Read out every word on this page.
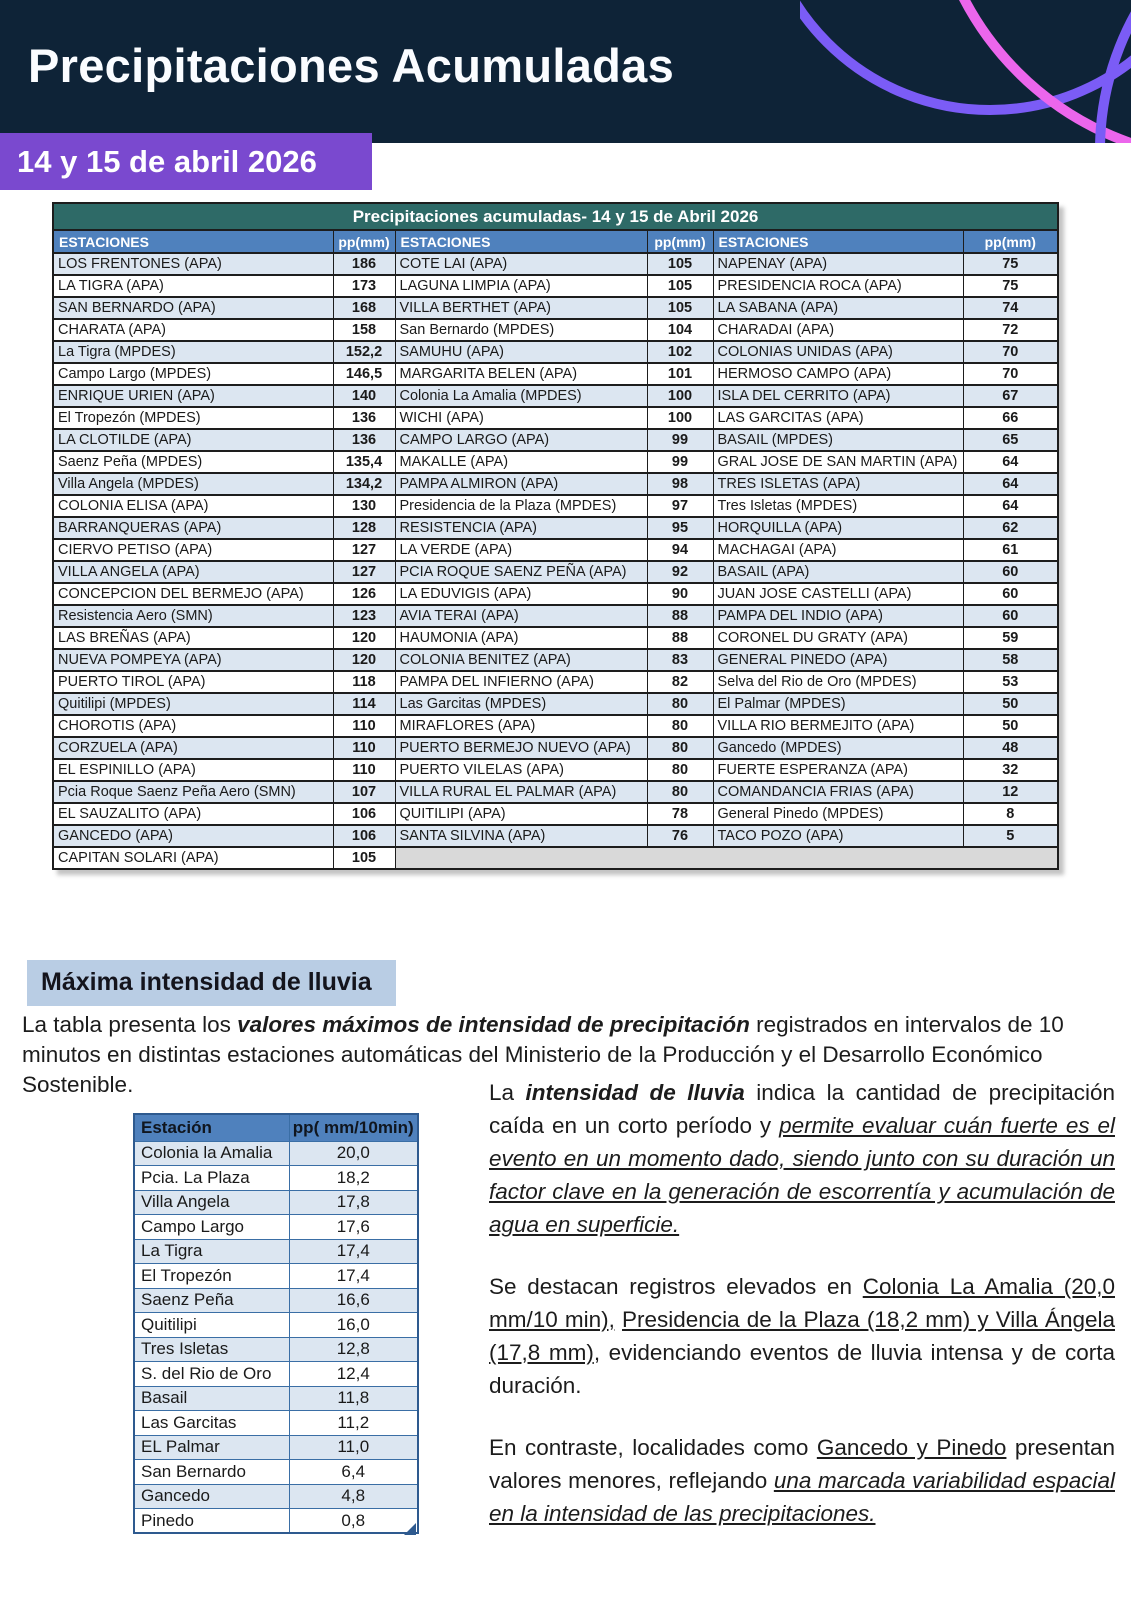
Precipitaciones Acumuladas
14 y 15 de abril 2026
Precipitaciones acumuladas- 14 y 15 de Abril 2026					
ESTACIONES	pp(mm)	ESTACIONES	pp(mm)	ESTACIONES	pp(mm)
LOS FRENTONES (APA)	186	COTE LAI (APA)	105	NAPENAY (APA)	75
LA TIGRA (APA)	173	LAGUNA LIMPIA (APA)	105	PRESIDENCIA ROCA (APA)	75
SAN BERNARDO (APA)	168	VILLA BERTHET (APA)	105	LA SABANA (APA)	74
CHARATA (APA)	158	San Bernardo (MPDES)	104	CHARADAI (APA)	72
La Tigra (MPDES)	152,2	SAMUHU (APA)	102	COLONIAS UNIDAS (APA)	70
Campo Largo (MPDES)	146,5	MARGARITA BELEN (APA)	101	HERMOSO CAMPO (APA)	70
ENRIQUE URIEN (APA)	140	Colonia La Amalia (MPDES)	100	ISLA DEL CERRITO (APA)	67
El Tropezón (MPDES)	136	WICHI (APA)	100	LAS GARCITAS (APA)	66
LA CLOTILDE (APA)	136	CAMPO LARGO (APA)	99	BASAIL (MPDES)	65
Saenz Peña (MPDES)	135,4	MAKALLE (APA)	99	GRAL JOSE DE SAN MARTIN (APA)	64
Villa Angela (MPDES)	134,2	PAMPA ALMIRON (APA)	98	TRES ISLETAS (APA)	64
COLONIA ELISA (APA)	130	Presidencia de la Plaza (MPDES)	97	Tres Isletas (MPDES)	64
BARRANQUERAS (APA)	128	RESISTENCIA (APA)	95	HORQUILLA (APA)	62
CIERVO PETISO (APA)	127	LA VERDE (APA)	94	MACHAGAI (APA)	61
VILLA ANGELA (APA)	127	PCIA ROQUE SAENZ PEÑA (APA)	92	BASAIL (APA)	60
CONCEPCION DEL BERMEJO (APA)	126	LA EDUVIGIS (APA)	90	JUAN JOSE CASTELLI (APA)	60
Resistencia Aero (SMN)	123	AVIA TERAI (APA)	88	PAMPA DEL INDIO (APA)	60
LAS BREÑAS (APA)	120	HAUMONIA (APA)	88	CORONEL DU GRATY (APA)	59
NUEVA POMPEYA (APA)	120	COLONIA BENITEZ (APA)	83	GENERAL PINEDO (APA)	58
PUERTO TIROL (APA)	118	PAMPA DEL INFIERNO (APA)	82	Selva del Rio de Oro (MPDES)	53
Quitilipi (MPDES)	114	Las Garcitas (MPDES)	80	El Palmar (MPDES)	50
CHOROTIS (APA)	110	MIRAFLORES (APA)	80	VILLA RIO BERMEJITO (APA)	50
CORZUELA (APA)	110	PUERTO BERMEJO NUEVO (APA)	80	Gancedo (MPDES)	48
EL ESPINILLO (APA)	110	PUERTO VILELAS (APA)	80	FUERTE ESPERANZA (APA)	32
Pcia Roque Saenz Peña Aero (SMN)	107	VILLA RURAL EL PALMAR (APA)	80	COMANDANCIA FRIAS (APA)	12
EL SAUZALITO (APA)	106	QUITILIPI (APA)	78	General Pinedo (MPDES)	8
GANCEDO (APA)	106	SANTA SILVINA (APA)	76	TACO POZO (APA)	5
CAPITAN SOLARI (APA)	105				
Máxima intensidad de lluvia

La tabla presenta los valores máximos de intensidad de precipitación registrados en intervalos de 10 minutos en distintas estaciones automáticas del Ministerio de la Producción y el Desarrollo Económico Sostenible.

Estación	pp( mm/10min)
Colonia la Amalia	20,0
Pcia. La Plaza	18,2
Villa Angela	17,8
Campo Largo	17,6
La Tigra	17,4
El Tropezón	17,4
Saenz Peña	16,6
Quitilipi	16,0
Tres Isletas	12,8
S. del Rio de Oro	12,4
Basail	11,8
Las Garcitas	11,2
EL Palmar	11,0
San Bernardo	6,4
Gancedo	4,8
Pinedo	0,8

La intensidad de lluvia indica la cantidad de precipitación caída en un corto período y permite evaluar cuán fuerte es el evento en un momento dado, siendo junto con su duración un factor clave en la generación de escorrentía y acumulación de agua en superficie.

Se destacan registros elevados en Colonia La Amalia (20,0 mm/10 min), Presidencia de la Plaza (18,2 mm) y Villa Ángela (17,8 mm), evidenciando eventos de lluvia intensa y de corta duración.

En contraste, localidades como Gancedo y Pinedo presentan valores menores, reflejando una marcada variabilidad espacial en la intensidad de las precipitaciones.
